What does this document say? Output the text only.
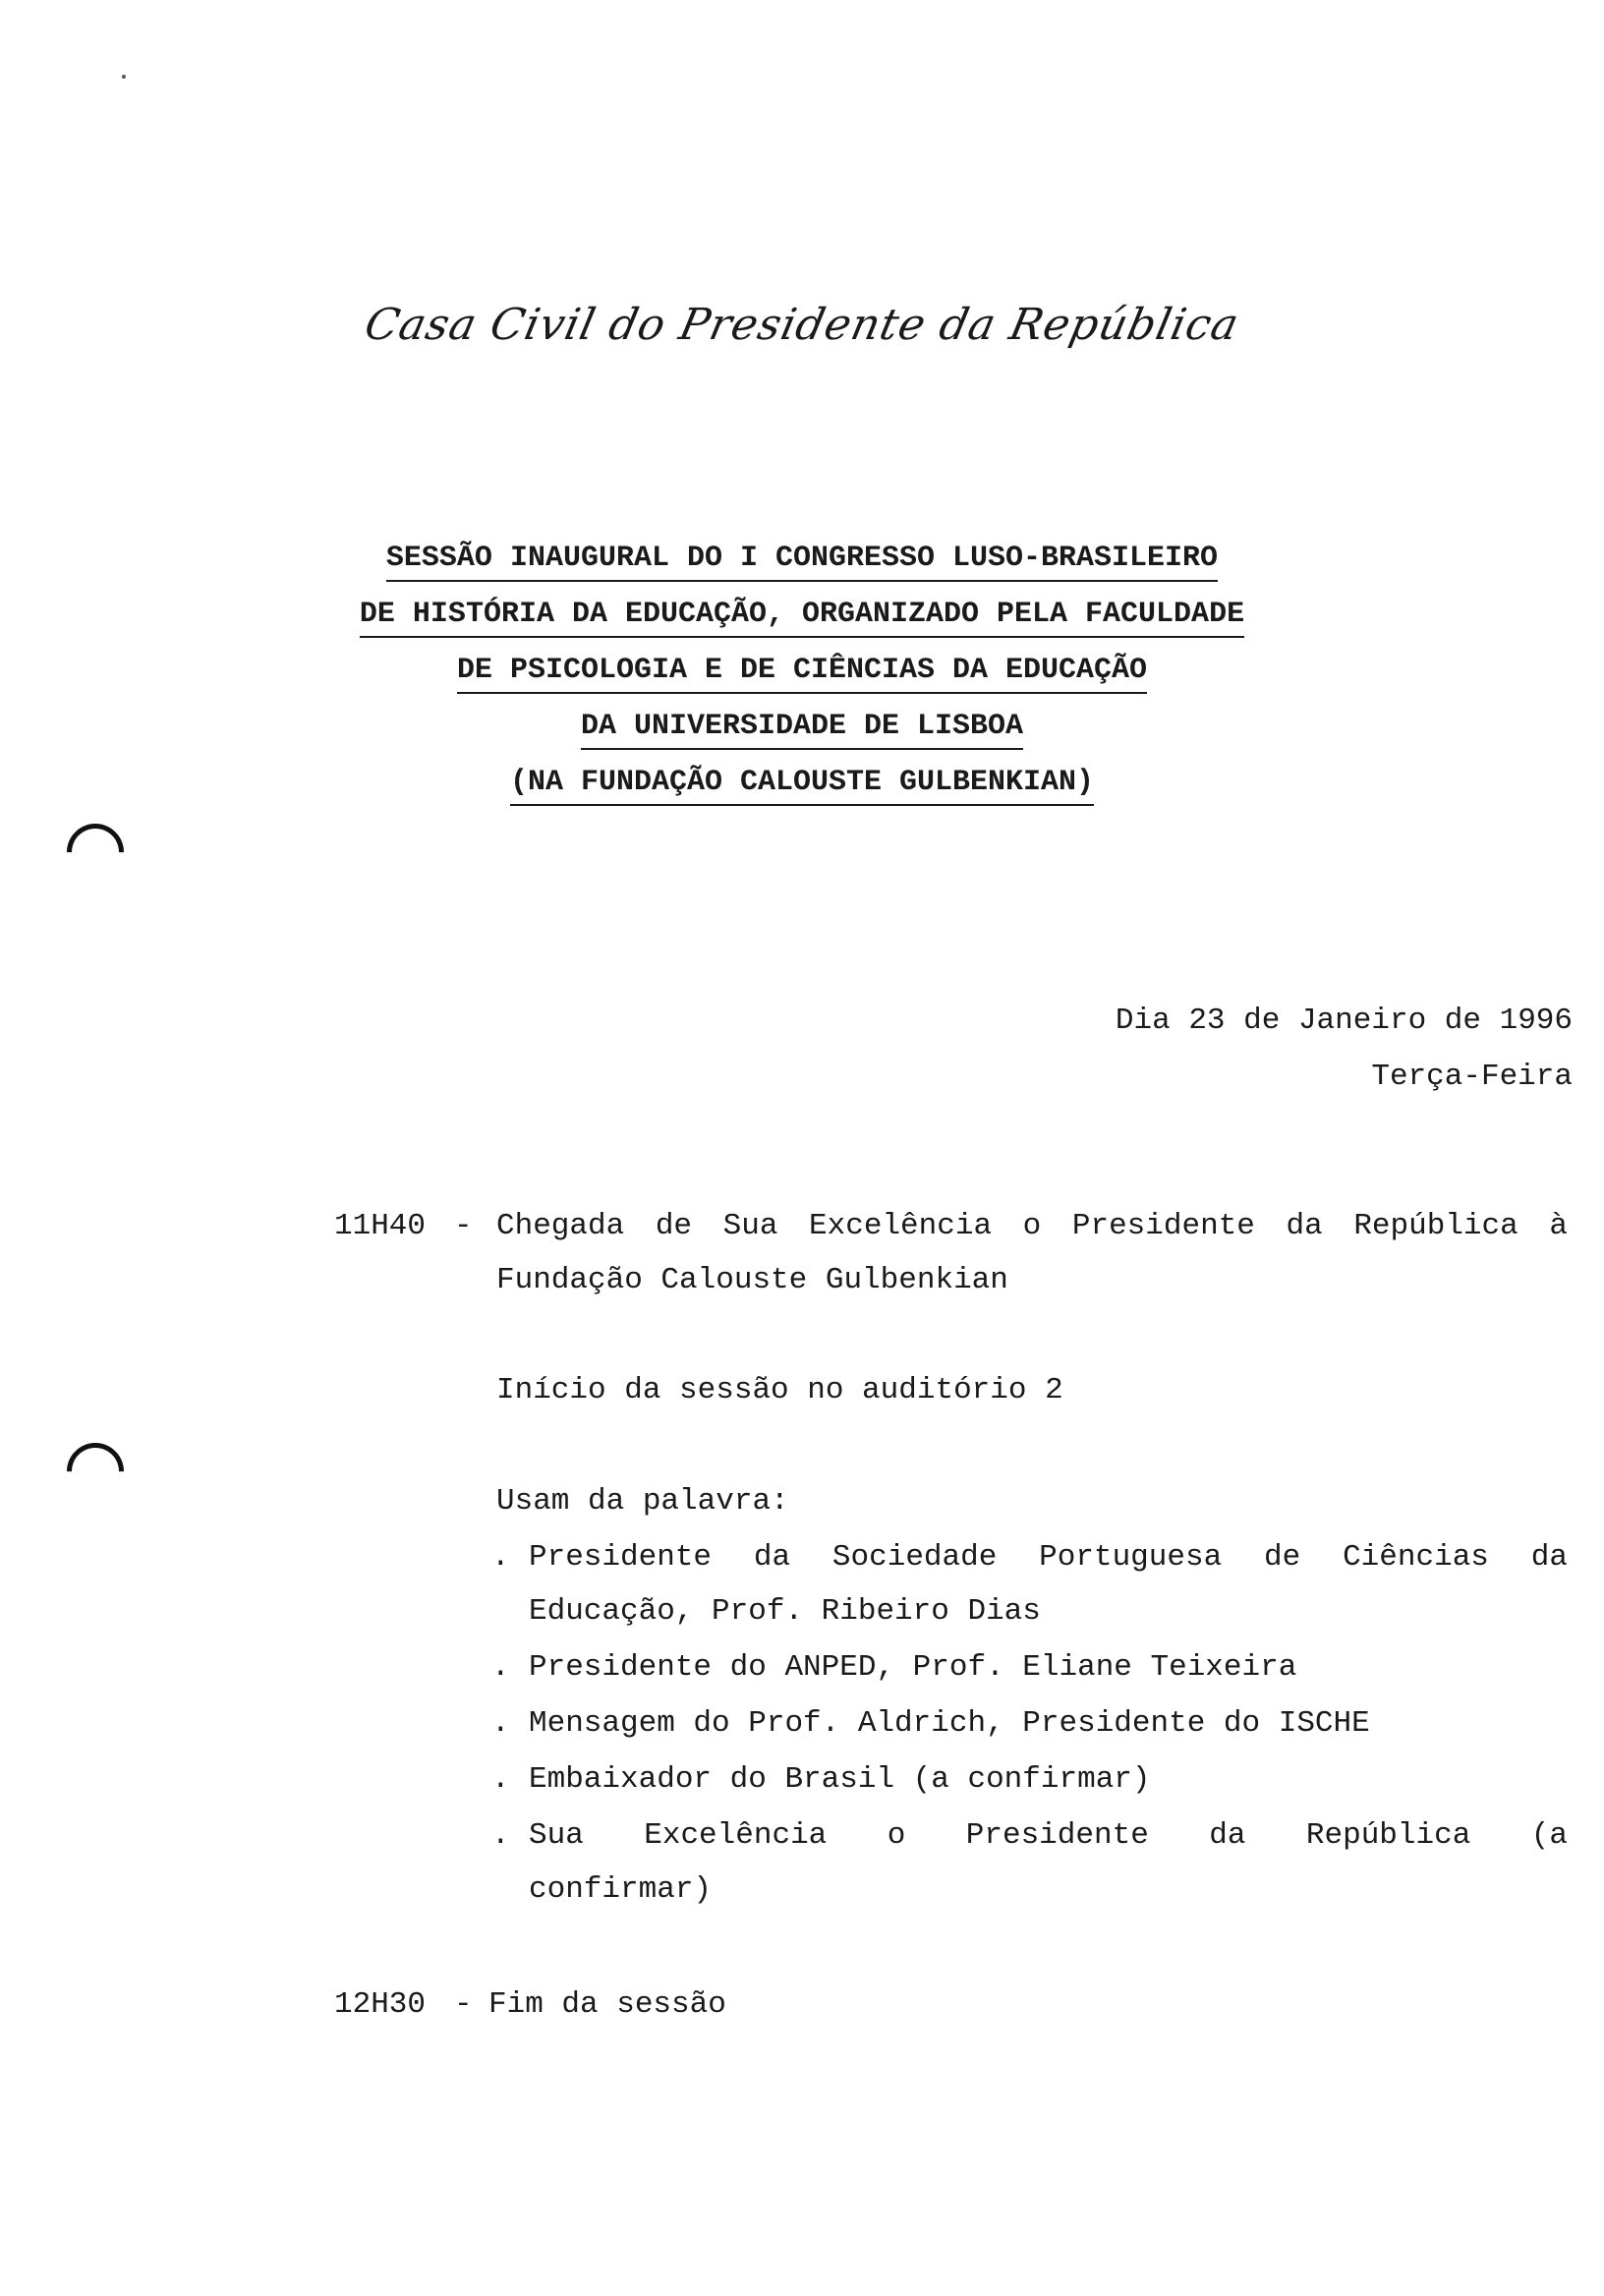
Casa Civil do Presidente da República
SESSÃO INAUGURAL DO I CONGRESSO LUSO-BRASILEIRO
DE HISTÓRIA DA EDUCAÇÃO, ORGANIZADO PELA FACULDADE
DE PSICOLOGIA E DE CIÊNCIAS DA EDUCAÇÃO
DA UNIVERSIDADE DE LISBOA
(NA FUNDAÇÃO CALOUSTE GULBENKIAN)
Dia 23 de Janeiro de 1996
Terça-Feira
11H40 - Chegada de Sua Excelência o Presidente da República à
Fundação Calouste Gulbenkian
Início da sessão no auditório 2
Usam da palavra:
. Presidente da Sociedade Portuguesa de Ciências da
Educação, Prof. Ribeiro Dias
. Presidente do ANPED, Prof. Eliane Teixeira
. Mensagem do Prof. Aldrich, Presidente do ISCHE
. Embaixador do Brasil (a confirmar)
. Sua Excelência o Presidente da República (a
confirmar)
12H30 - Fim da sessão
